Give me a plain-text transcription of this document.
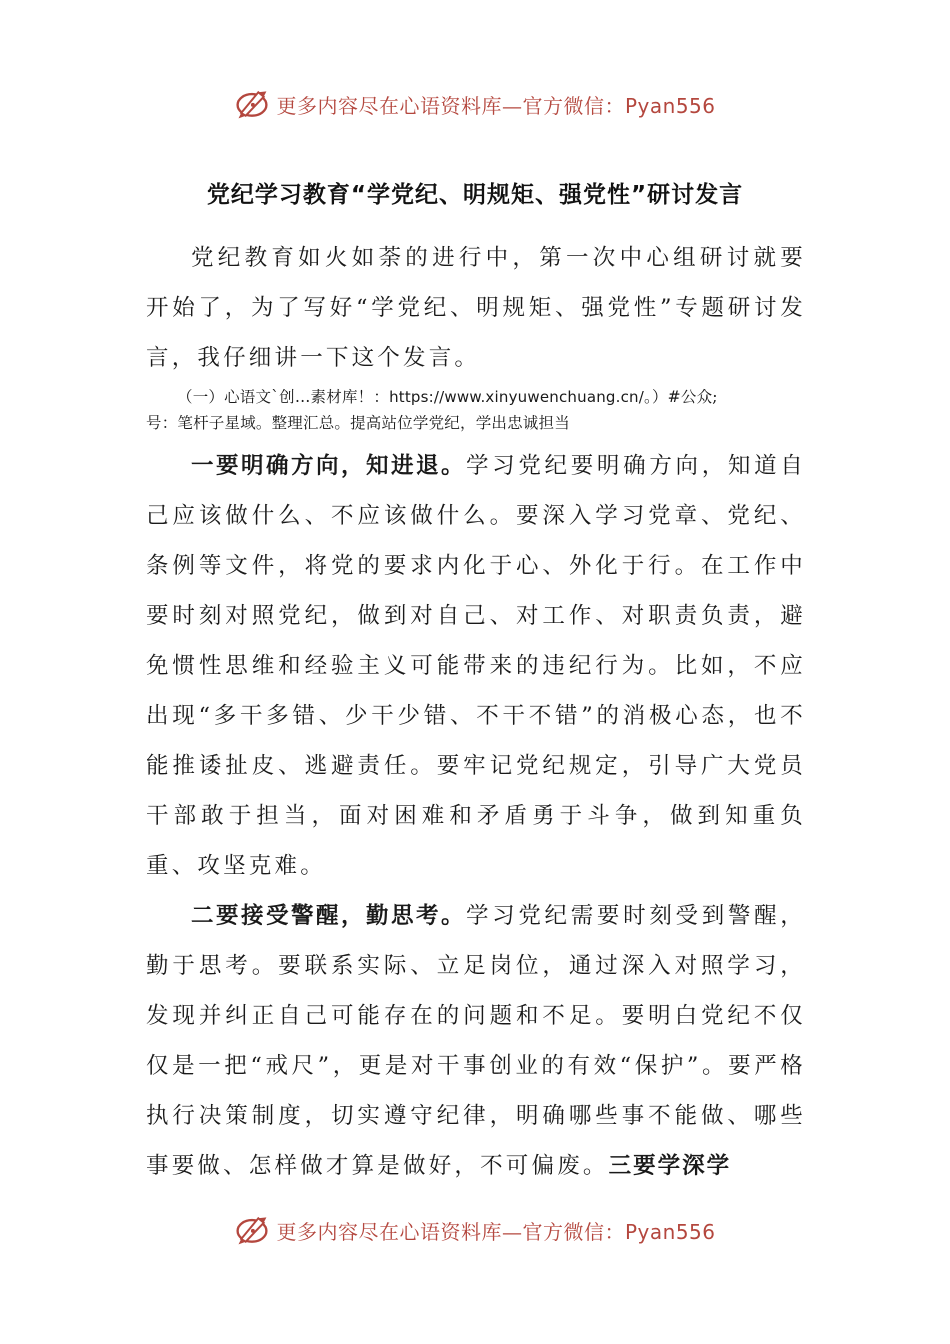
更多内容尽在心语资料库—官方微信：Pyan556
党纪学习教育“学党纪、明规矩、强党性”研讨发言

党纪教育如火如荼的进行中，第一次中心组研讨就要开始了，为了写好“学党纪、明规矩、强党性”专题研讨发言，我仔细讲一下这个发言。

（一）心语文`创…素材库！：https://www.xinyuwenchuang.cn/。）#公众;
号：笔杆子星域。整理汇总。提高站位学党纪，学出忠诚担当

一要明确方向，知进退。学习党纪要明确方向，知道自己应该做什么、不应该做什么。要深入学习党章、党纪、条例等文件，将党的要求内化于心、外化于行。在工作中要时刻对照党纪，做到对自己、对工作、对职责负责，避免惯性思维和经验主义可能带来的违纪行为。比如，不应出现“多干多错、少干少错、不干不错”的消极心态，也不能推诿扯皮、逃避责任。要牢记党纪规定，引导广大党员干部敢于担当，面对困难和矛盾勇于斗争，做到知重负重、攻坚克难。

二要接受警醒，勤思考。学习党纪需要时刻受到警醒，勤于思考。要联系实际、立足岗位，通过深入对照学习，发现并纠正自己可能存在的问题和不足。要明白党纪不仅仅是一把“戒尺”，更是对干事创业的有效“保护”。要严格执行决策制度，切实遵守纪律，明确哪些事不能做、哪些事要做、怎样做才算是做好，不可偏废。三要学深学

更多内容尽在心语资料库—官方微信：Pyan556
